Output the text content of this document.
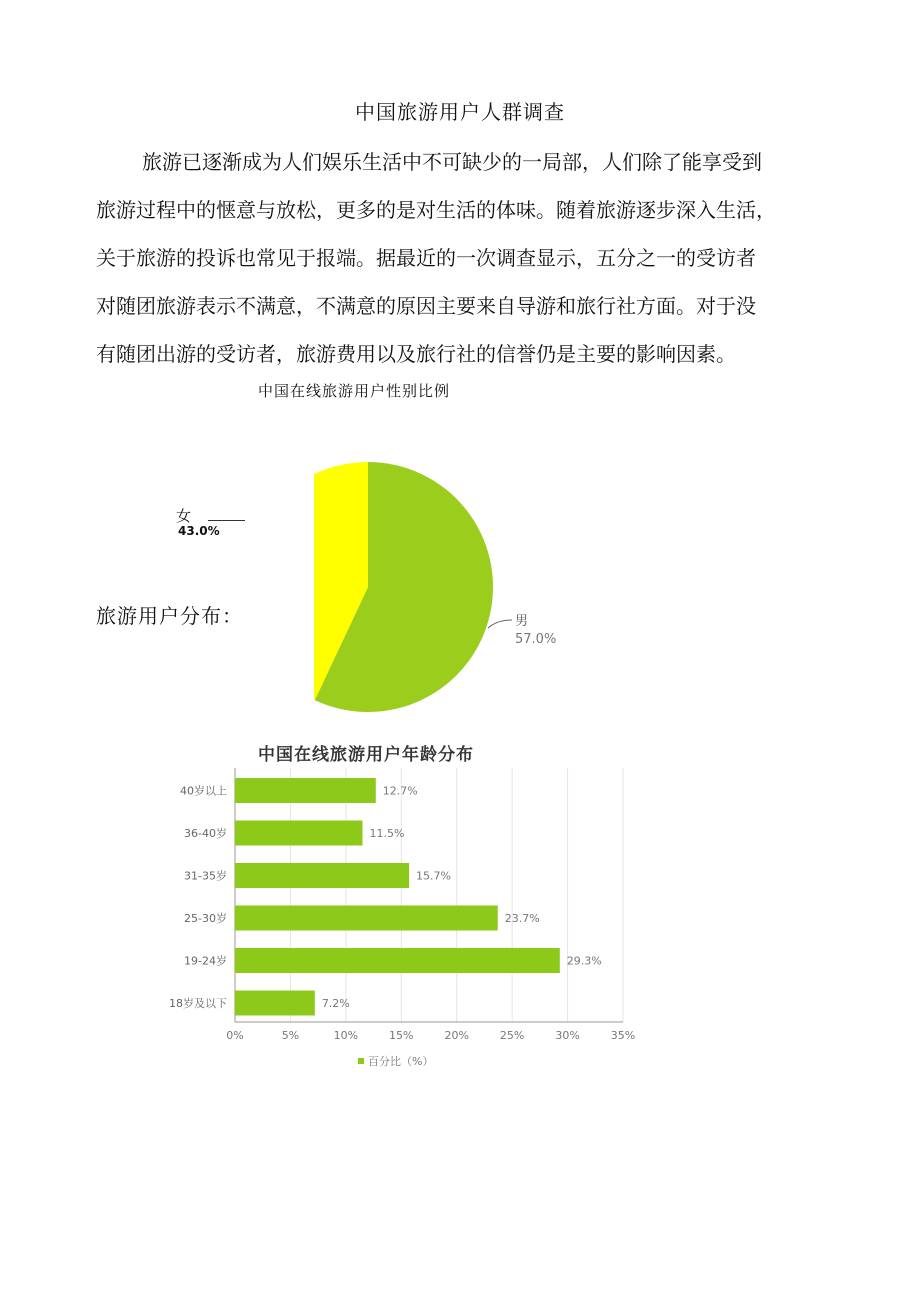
中国旅游用户人群调查

旅游已逐渐成为人们娱乐生活中不可缺少的一局部，人们除了能享受到
旅游过程中的惬意与放松，更多的是对生活的体味。随着旅游逐步深入生活，
关于旅游的投诉也常见于报端。据最近的一次调查显示，五分之一的受访者
对随团旅游表示不满意，不满意的原因主要来自导游和旅行社方面。对于没
有随团出游的受访者，旅游费用以及旅行社的信誉仍是主要的影响因素。

中国在线旅游用户性别比例
旅游用户分布：	男
57.0%
女
43.0%
中国在线旅游用户年龄分布
40岁以上	12.7%
36-40岁	11.5%
31-35岁	15.7%
25-30岁	23.7%
19-24岁	29.3%
18岁及以下	7.2%
0%	5%	10%	15%	20%	25%	30%	35%
百分比（%）
